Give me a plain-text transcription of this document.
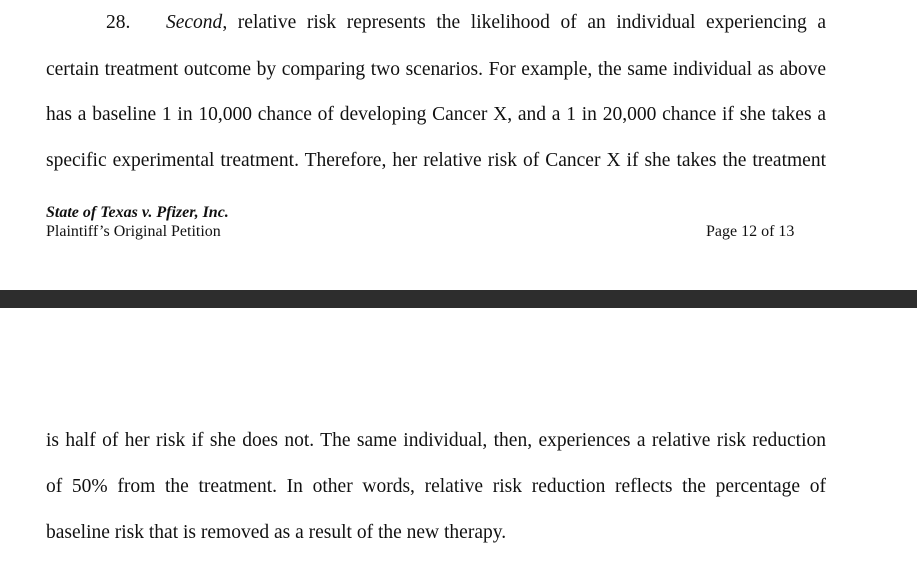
28. Second, relative risk represents the likelihood of an individual experiencing a
certain treatment outcome by comparing two scenarios. For example, the same individual as above
has a baseline 1 in 10,000 chance of developing Cancer X, and a 1 in 20,000 chance if she takes a
specific experimental treatment. Therefore, her relative risk of Cancer X if she takes the treatment
State of Texas v. Pfizer, Inc.
Plaintiff’s Original Petition	Page 12 of 13
is half of her risk if she does not. The same individual, then, experiences a relative risk reduction
of 50% from the treatment. In other words, relative risk reduction reflects the percentage of
baseline risk that is removed as a result of the new therapy.
